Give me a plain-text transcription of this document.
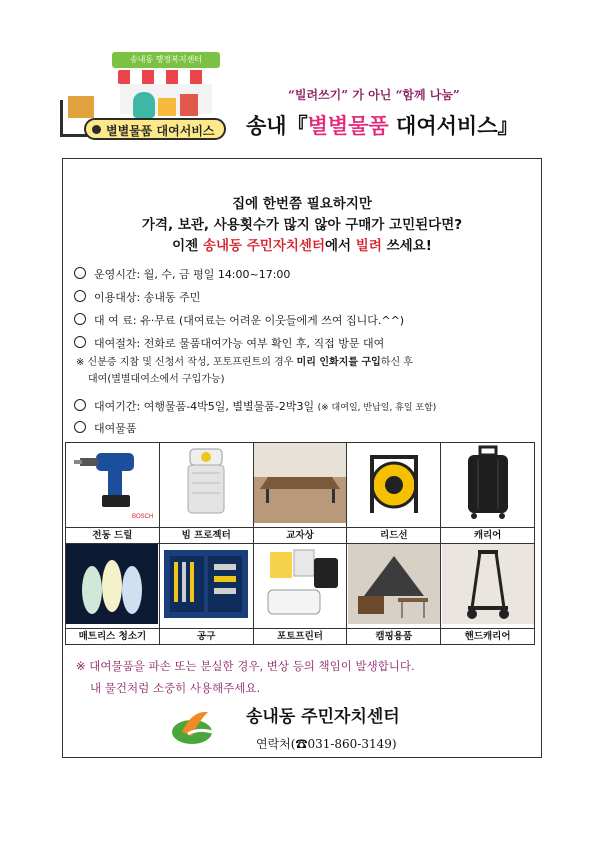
송내동 행정복지센터
별별물품 대여서비스
“빌려쓰기” 가 아닌 “함께 나눔”
송내『별별물품 대여서비스』
집에 한번쯤 필요하지만
가격, 보관, 사용횟수가 많지 않아 구매가 고민된다면?
이젠 송내동 주민자치센터에서 빌려 쓰세요!
운영시간: 월, 수, 금 평일 14:00~17:00
이용대상: 송내동 주민
대 여 료: 유·무료 (대여료는 어려운 이웃들에게 쓰여 집니다.^^)
대여절차: 전화로 물품대여가능 여부 확인 후, 직접 방문 대여
※ 신분증 지참 및 신청서 작성, 포토프린트의 경우 미리 인화지를 구입하신 후
대여(별별대여소에서 구입가능)
대여기간: 여행물품-4박5일, 별별물품-2박3일 (※ 대여일, 반납일, 휴일 포함)
대여물품
BOSCH

전동 드릴	빔 프로젝터	교자상	리드선	캐리어

매트리스 청소기	공구	포토프린터	캠핑용품	핸드캐리어
※ 대여물품을 파손 또는 분실한 경우, 변상 등의 책임이 발생합니다.
내 물건처럼 소중히 사용해주세요.
송내동 주민자치센터
연락처(☎031-860-3149)
